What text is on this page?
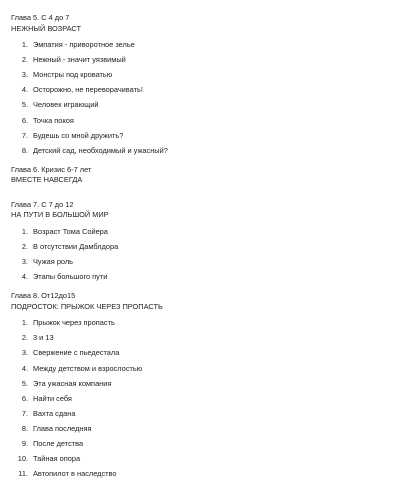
Глава 5. С 4 до 7
НЕЖНЫЙ ВОЗРАСТ
1. Эмпатия - приворотное зелье
2. Нежный - значит уязвимый
3. Монстры под кроватью
4. Осторожно, не переворачивать!
5. Человек играющий
6. Точка покоя
7. Будешь со мной дружить?
8. Детский сад, необходимый и ужасный?
Глава 6. Кризис 6-7 лет
ВМЕСТЕ НАВСЕГДА
Глава 7. С 7 до 12
НА ПУТИ В БОЛЬШОЙ МИР
1. Возраст Тома Сойера
2. В отсутствии Дамблдора
3. Чужая роль
4. Этапы большого пути
Глава 8. От12до15
ПОДРОСТОК: ПРЫЖОК ЧЕРЕЗ ПРОПАСТЬ
1. Прыжок через пропасть
2. 3 и 13
3. Свержение с пьедестала
4. Между детством и взрослостью
5. Эта ужасная компания
6. Найти себя
7. Вахта сдана
8. Глава последняя
9. После детства
10. Тайная опора
11. Автопилот в наследство
